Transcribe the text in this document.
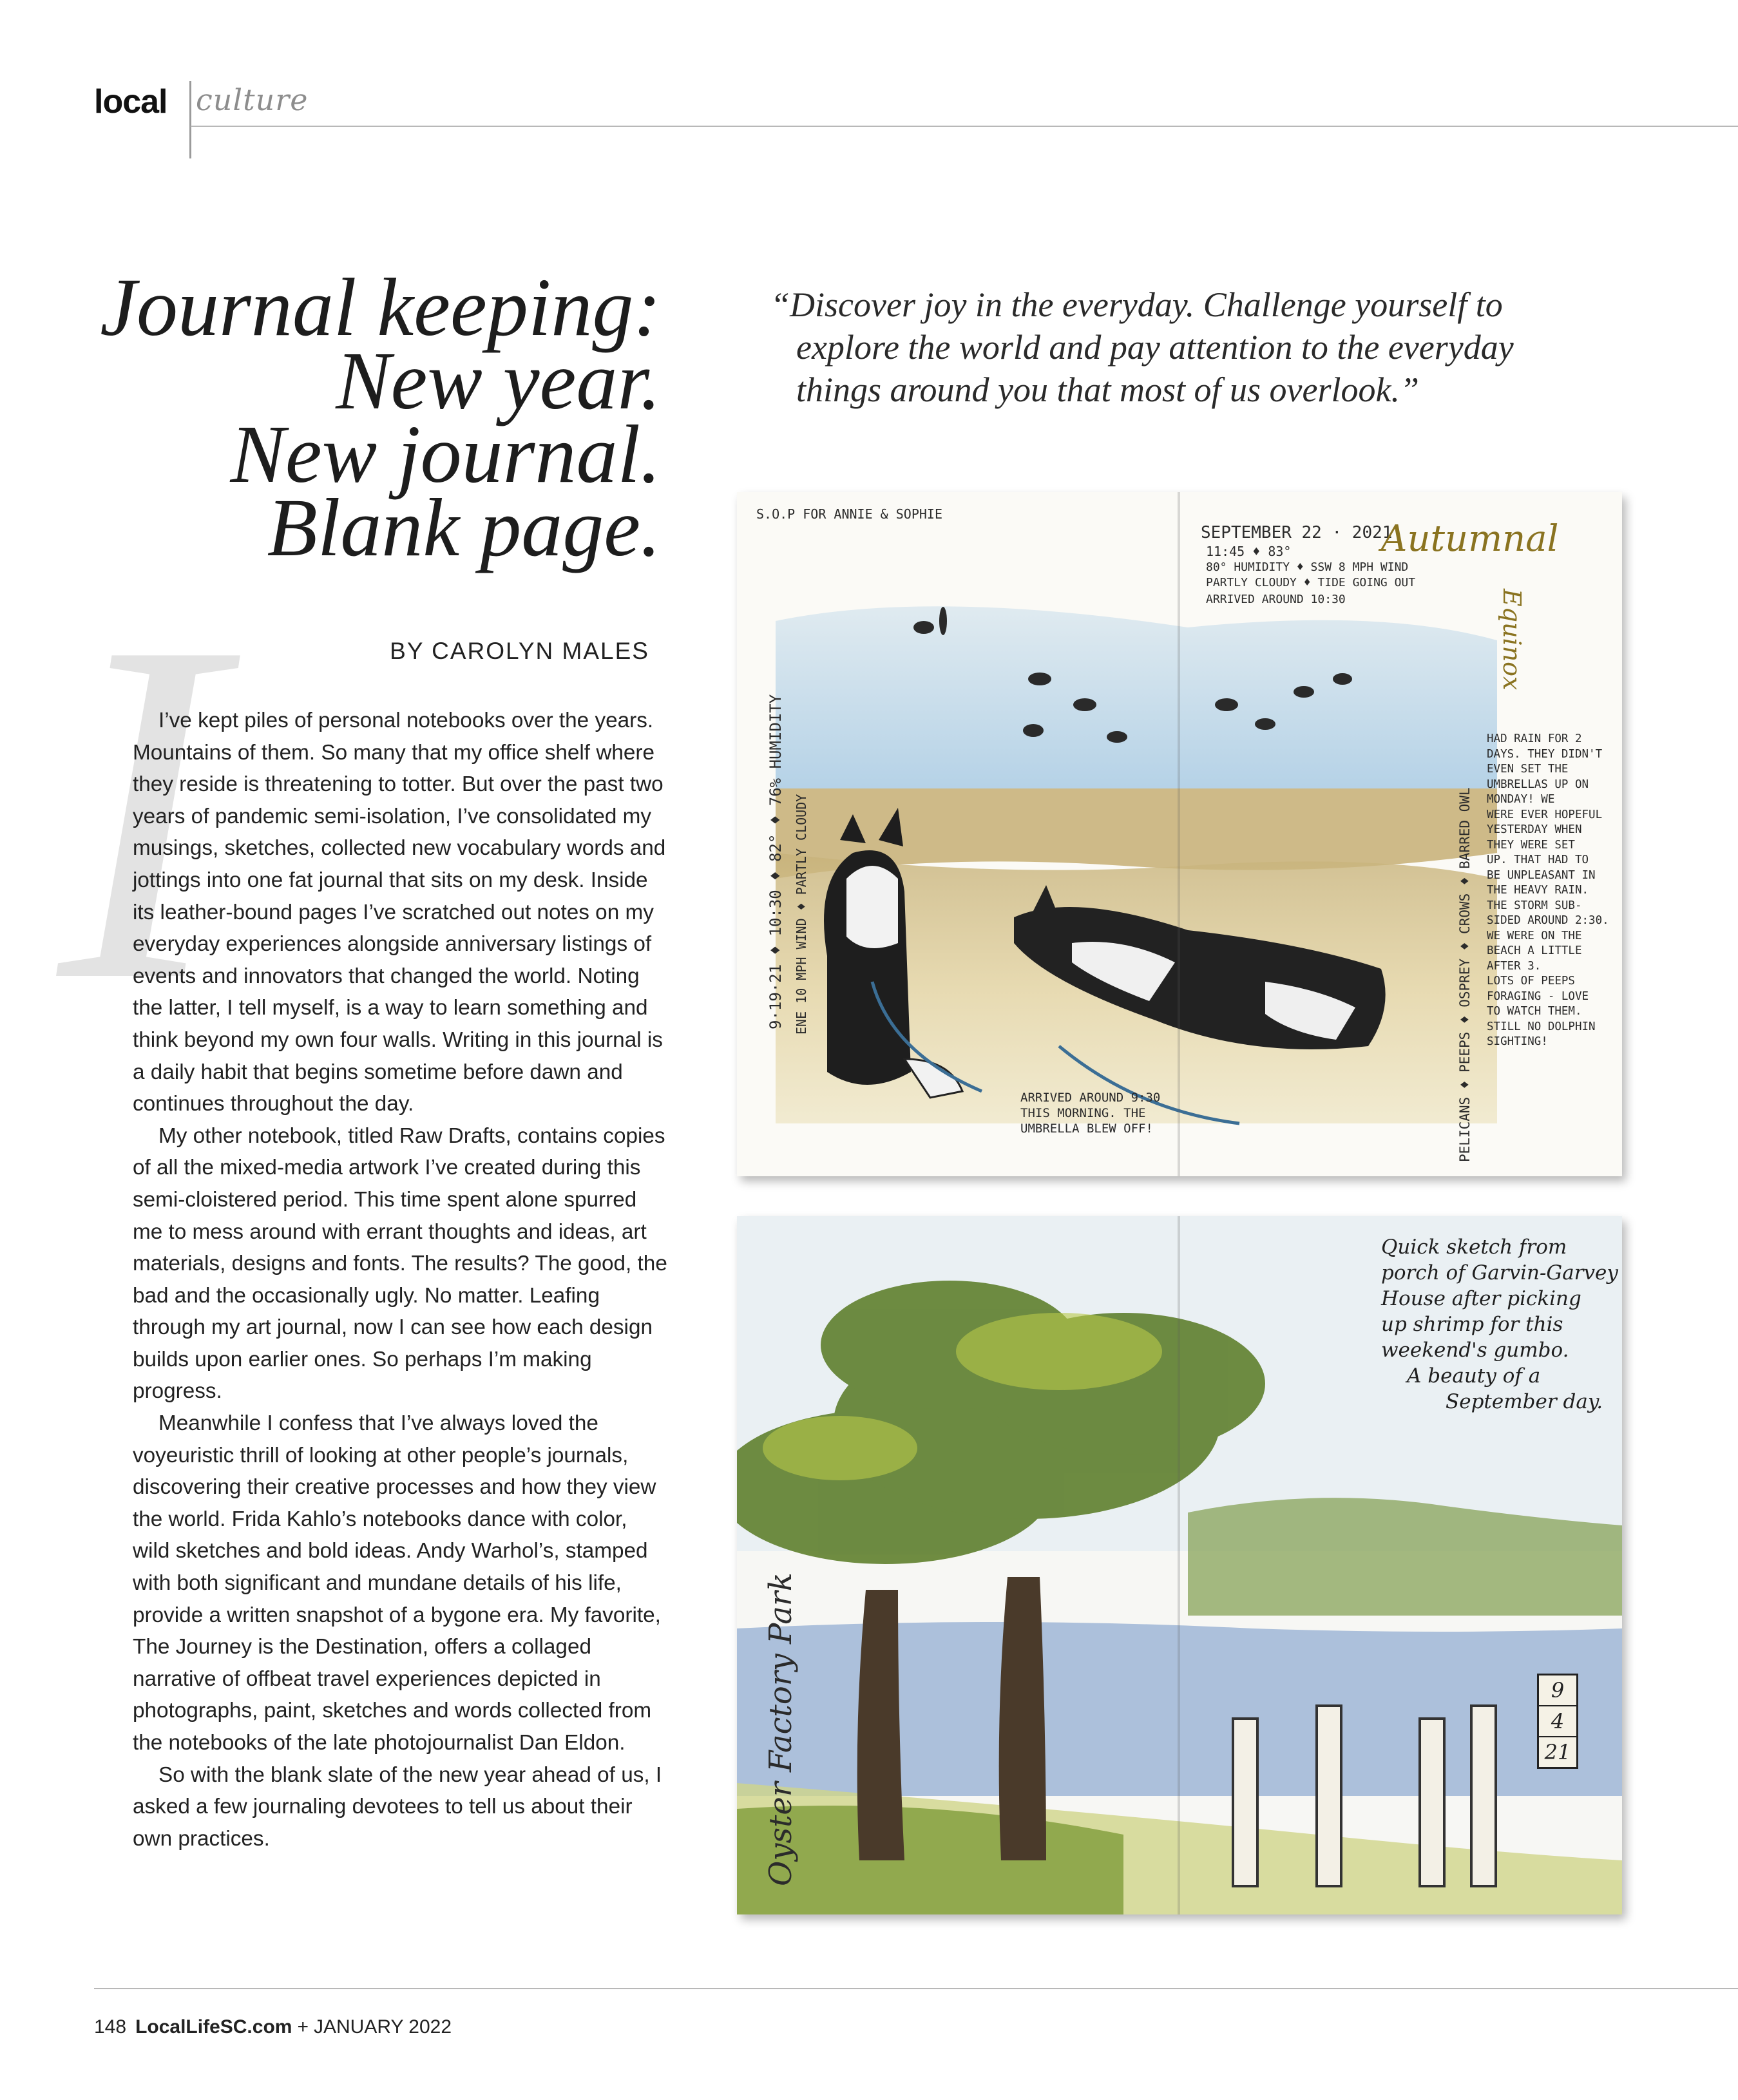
local culture
Journal keeping:
New year.
New journal.
Blank page.
BY CAROLYN MALES
I

I’ve kept piles of personal notebooks over the years. Mountains of them. So many that my office shelf where they reside is threatening to totter. But over the past two years of pandemic semi-isolation, I’ve consolidated my musings, sketches, collected new vocabulary words and jottings into one fat journal that sits on my desk. Inside its leather-bound pages I’ve scratched out notes on my everyday experiences alongside anniversary listings of events and innovators that changed the world. Noting the latter, I tell myself, is a way to learn something and think beyond my own four walls. Writing in this journal is a daily habit that begins sometime before dawn and continues throughout the day.

My other notebook, titled Raw Drafts, contains copies of all the mixed-media artwork I’ve created during this semi-cloistered period. This time spent alone spurred me to mess around with errant thoughts and ideas, art materials, designs and fonts. The results? The good, the bad and the occasionally ugly. No matter. Leafing through my art journal, now I can see how each design builds upon earlier ones. So perhaps I’m making progress.

Meanwhile I confess that I’ve always loved the voyeuristic thrill of looking at other people’s journals, discovering their creative processes and how they view the world. Frida Kahlo’s notebooks dance with color, wild sketches and bold ideas. Andy Warhol’s, stamped with both significant and mundane details of his life, provide a written snapshot of a bygone era. My favorite, The Journey is the Destination, offers a collaged narrative of offbeat travel experiences depicted in photographs, paint, sketches and words collected from the notebooks of the late photojournalist Dan Eldon.

So with the blank slate of the new year ahead of us, I asked a few journaling devotees to tell us about their own practices.

“Discover joy in the everyday. Challenge yourself to
explore the world and pay attention to the everyday
things around you that most of us overlook.”
S.O.P FOR ANNIE & SOPHIE
9·19·21 ♦ 10:30 ♦ 82° ♦ 76% HUMIDITY ENE 10 MPH WIND ♦ PARTLY CLOUDY
SEPTEMBER 22 · 2021
11:45 ♦ 83°
80° HUMIDITY ♦ SSW 8 MPH WIND
PARTLY CLOUDY ♦ TIDE GOING OUT
ARRIVED AROUND 10:30
Autumnal
Equinox
HAD RAIN FOR 2
DAYS. THEY DIDN'T
EVEN SET THE
UMBRELLAS UP ON
MONDAY! WE
WERE EVER HOPEFUL
YESTERDAY WHEN
THEY WERE SET
UP. THAT HAD TO
BE UNPLEASANT IN
THE HEAVY RAIN.
THE STORM SUB-
SIDED AROUND 2:30.
WE WERE ON THE
BEACH A LITTLE
AFTER 3.
LOTS OF PEEPS
FORAGING - LOVE
TO WATCH THEM.
STILL NO DOLPHIN
SIGHTING!
PELICANS ♦ PEEPS ♦ OSPREY ♦ CROWS ♦ BARRED OWL
ARRIVED AROUND 9:30
THIS MORNING. THE
UMBRELLA BLEW OFF!
Quick sketch from
porch of Garvin-Garvey
House after picking
up shrimp for this
weekend's gumbo.
A beauty of a
September day.
Oyster Factory Park	9
4
21
148 LocalLifeSC.com + JANUARY 2022
